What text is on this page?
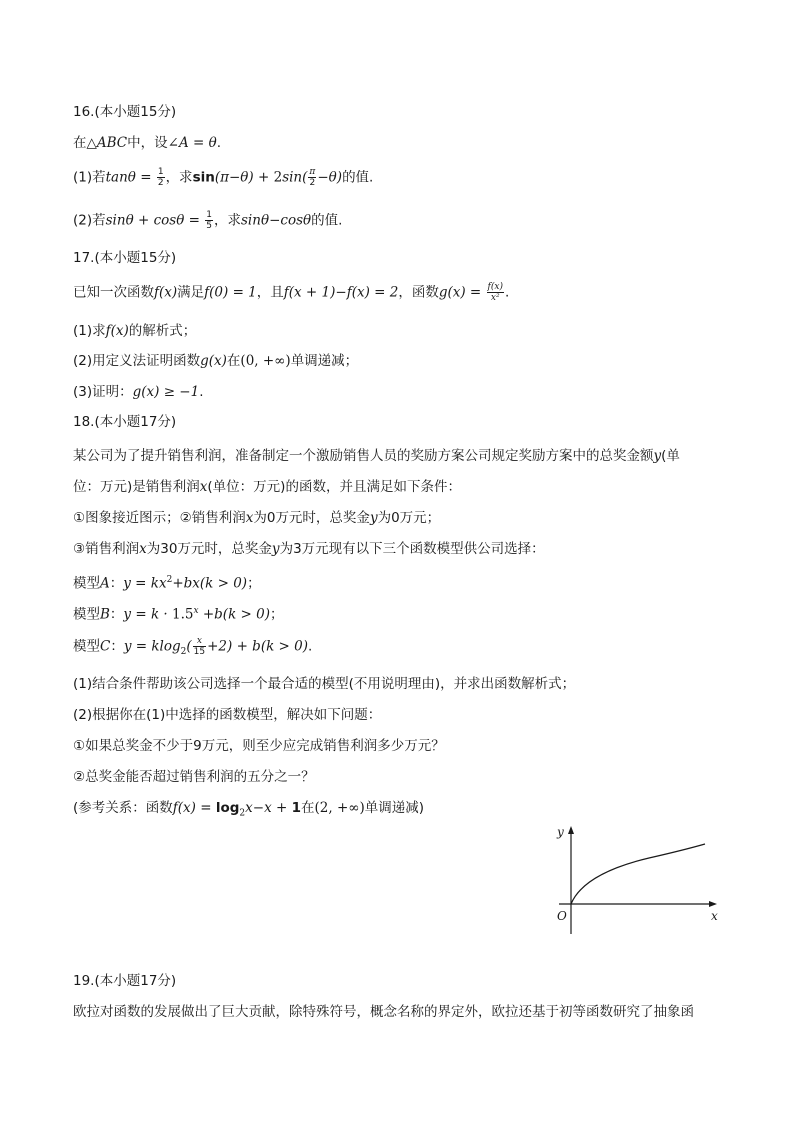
16.(本小题15分)
在△ABC中，设∠A = θ.
(1)若$\tan\theta = \frac{1}{2}$ ，求$\sin(\pi-\theta) + 2\sin( \frac{\pi}{2} -\theta)$的值.
(2)若$\sin\theta + \cos\theta = \frac{1}{5}$ ，求sinθ−cosθ的值.
17.(本小题15分)
已知一次函数f(x)满足f(0) = 1，且f(x + 1)−f(x) = 2，函数$g(x) = \frac{f(x)}{\text{x²}}$ .
(1)求f(x)的解析式；
(2)用定义法证明函数g(x)在(0, +∞)单调递减；
(3)证明：g(x) ≥ −1.
18.(本小题17分)
某公司为了提升销售利润，准备制定一个激励销售人员的奖励方案公司规定奖励方案中的总奖金额y(单
位：万元)是销售利润x(单位：万元)的函数，并且满足如下条件：
①图象接近图示；②销售利润x为0万元时，总奖金y为0万元；
③销售利润x为30万元时，总奖金y为3万元现有以下三个函数模型供公司选择：
模型A：$y = kx^2+bx(k > 0)$；
模型B：$y = k \cdot 1.5^x +b(k > 0)$；
模型C：$y = klog_2( \frac{x}{15} +2) + b(k > 0)$.
(1)结合条件帮助该公司选择一个最合适的模型(不用说明理由)，并求出函数解析式；
(2)根据你在(1)中选择的函数模型，解决如下问题：
①如果总奖金不少于9万元，则至少应完成销售利润多少万元？
②总奖金能否超过销售利润的五分之一？
(参考关系：函数$f(x) = \log_2x-x + 1$在(2, +∞)单调递减)
y
x
O
19.(本小题17分)
欧拉对函数的发展做出了巨大贡献，除特殊符号，概念名称的界定外，欧拉还基于初等函数研究了抽象函
